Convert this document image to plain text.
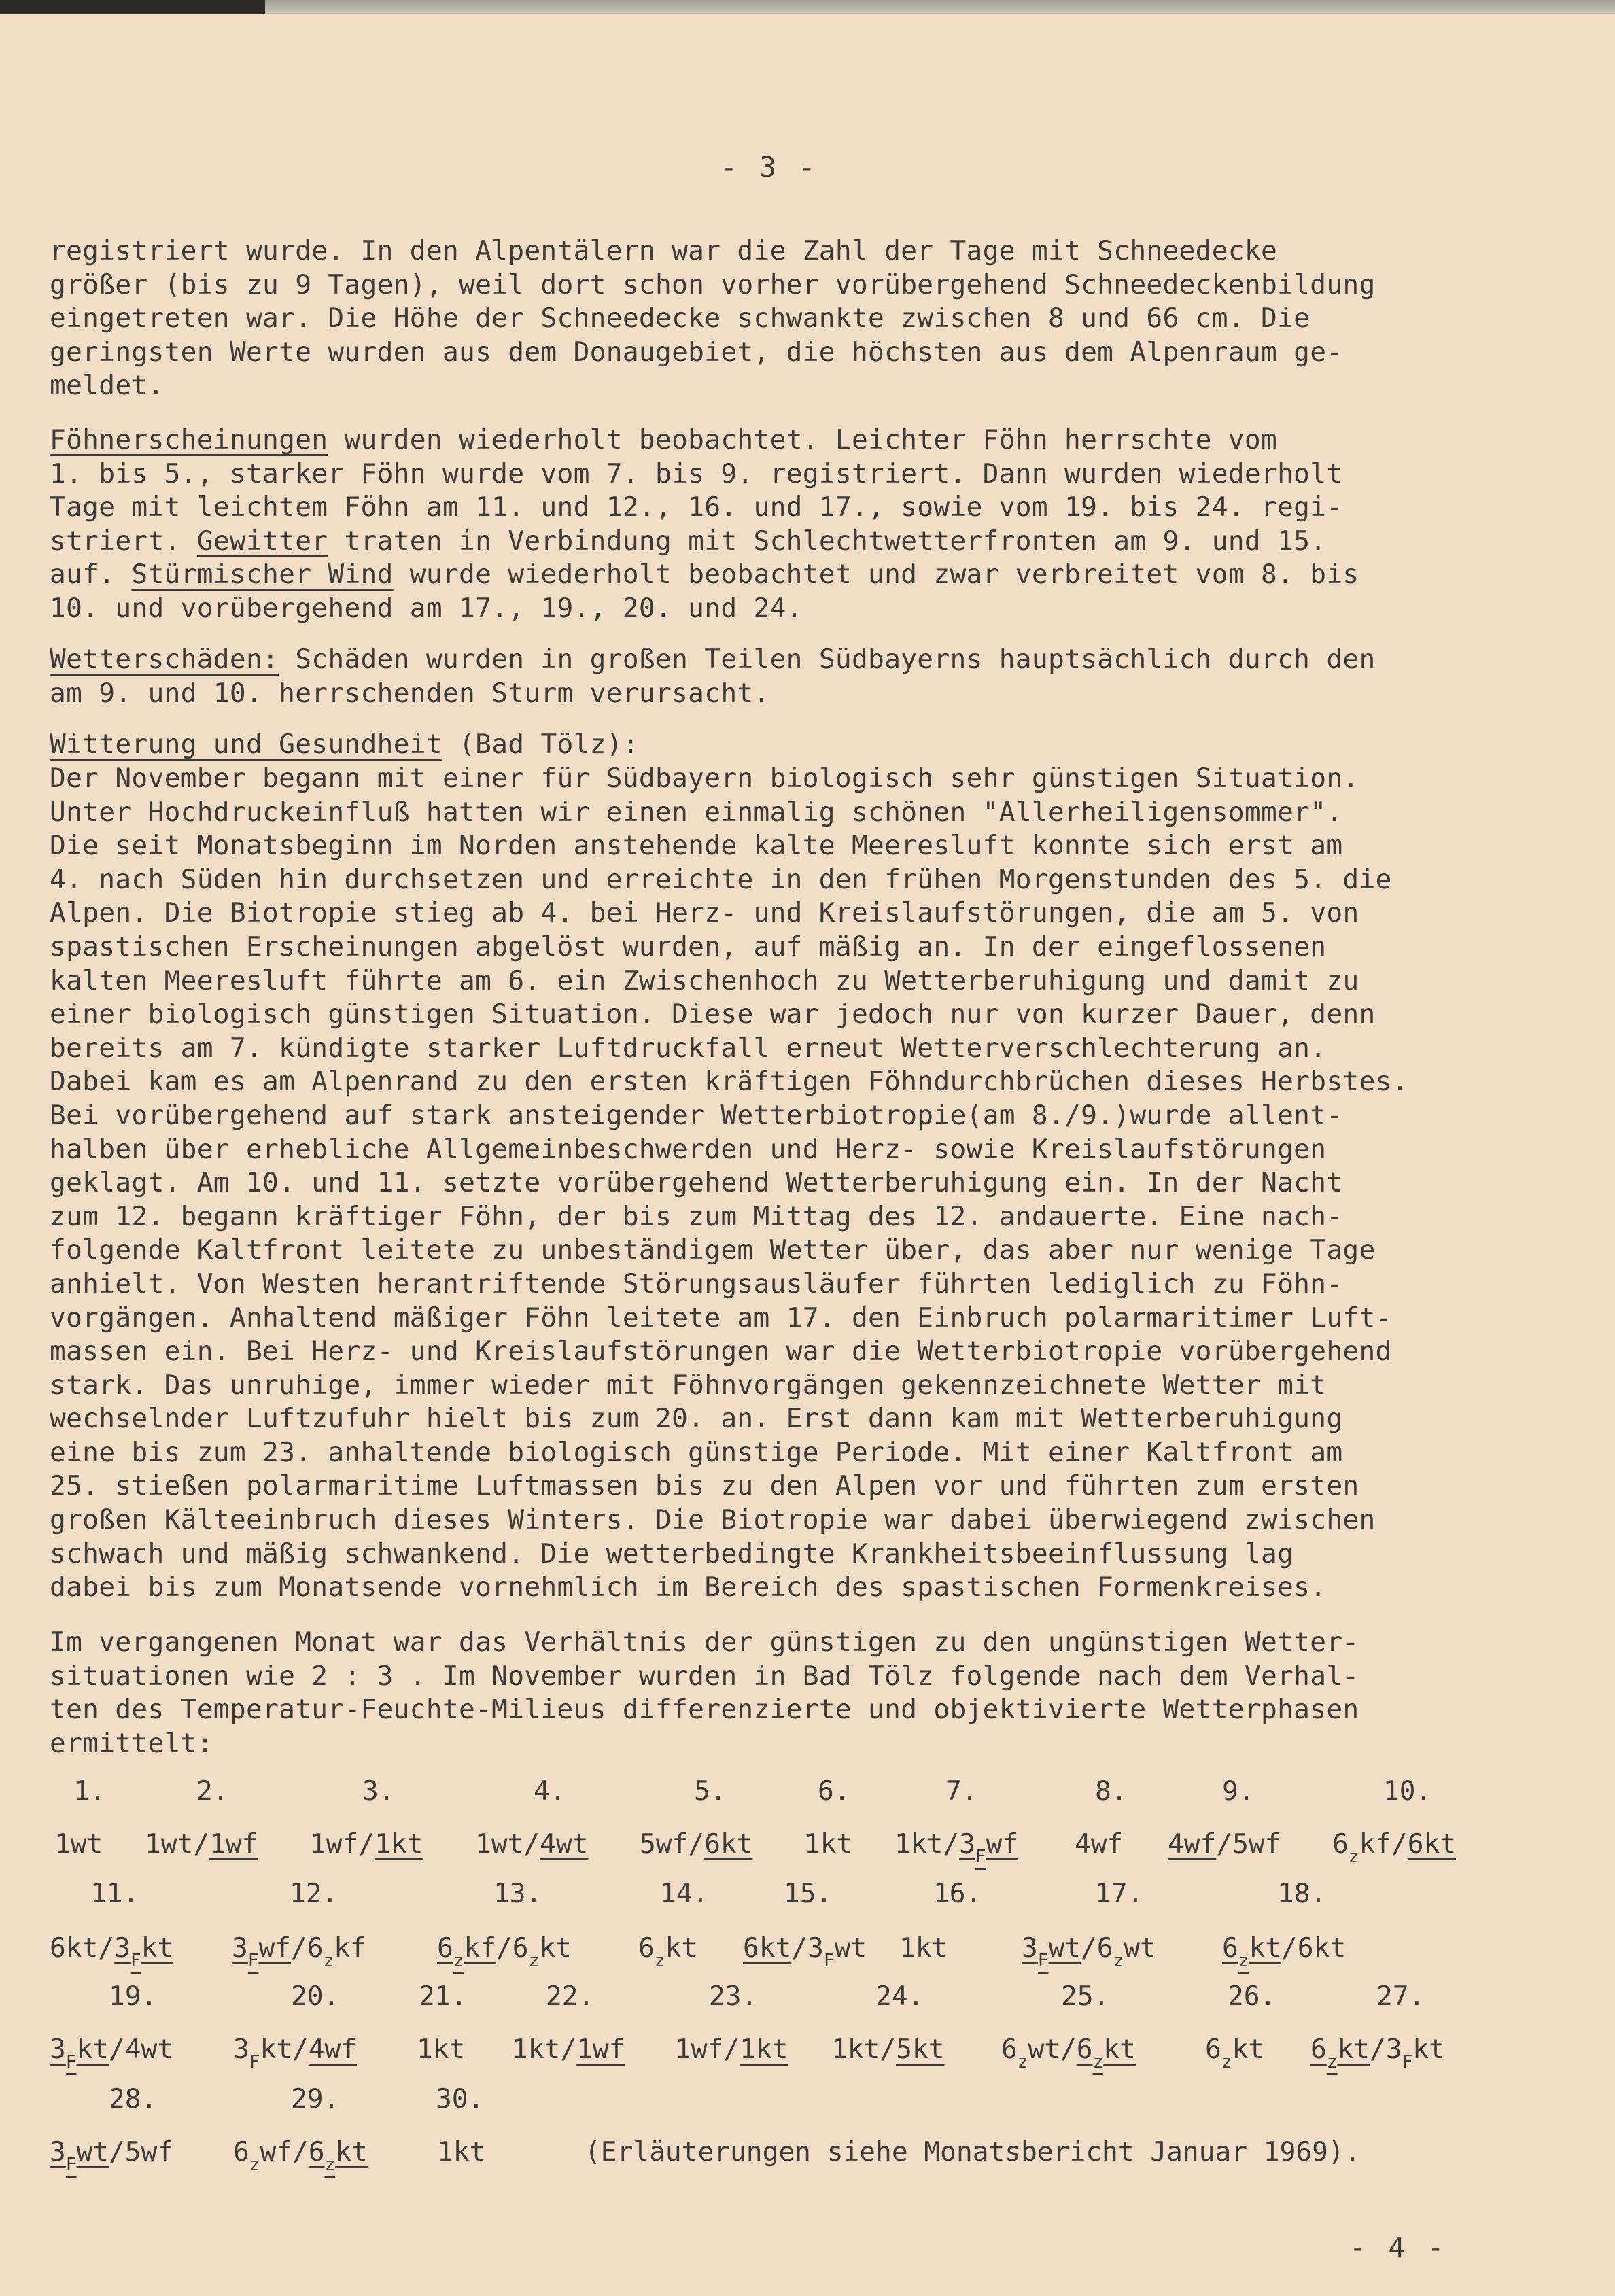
- 3 -
registriert wurde. In den Alpentälern war die Zahl der Tage mit Schneedecke
größer (bis zu 9 Tagen), weil dort schon vorher vorübergehend Schneedeckenbildung
eingetreten war. Die Höhe der Schneedecke schwankte zwischen 8 und 66 cm. Die
geringsten Werte wurden aus dem Donaugebiet, die höchsten aus dem Alpenraum ge-
meldet.
Föhnerscheinungen wurden wiederholt beobachtet. Leichter Föhn herrschte vom
1. bis 5., starker Föhn wurde vom 7. bis 9. registriert. Dann wurden wiederholt
Tage mit leichtem Föhn am 11. und 12., 16. und 17., sowie vom 19. bis 24. regi-
striert. Gewitter traten in Verbindung mit Schlechtwetterfronten am 9. und 15.
auf. Stürmischer Wind wurde wiederholt beobachtet und zwar verbreitet vom 8. bis
10. und vorübergehend am 17., 19., 20. und 24.
Wetterschäden: Schäden wurden in großen Teilen Südbayerns hauptsächlich durch den
am 9. und 10. herrschenden Sturm verursacht.
Witterung und Gesundheit (Bad Tölz):
Der November begann mit einer für Südbayern biologisch sehr günstigen Situation.
Unter Hochdruckeinfluß hatten wir einen einmalig schönen "Allerheiligensommer".
Die seit Monatsbeginn im Norden anstehende kalte Meeresluft konnte sich erst am
4. nach Süden hin durchsetzen und erreichte in den frühen Morgenstunden des 5. die
Alpen. Die Biotropie stieg ab 4. bei Herz- und Kreislaufstörungen, die am 5. von
spastischen Erscheinungen abgelöst wurden, auf mäßig an. In der eingeflossenen
kalten Meeresluft führte am 6. ein Zwischenhoch zu Wetterberuhigung und damit zu
einer biologisch günstigen Situation. Diese war jedoch nur von kurzer Dauer, denn
bereits am 7. kündigte starker Luftdruckfall erneut Wetterverschlechterung an.
Dabei kam es am Alpenrand zu den ersten kräftigen Föhndurchbrüchen dieses Herbstes.
Bei vorübergehend auf stark ansteigender Wetterbiotropie(am 8./9.)wurde allent-
halben über erhebliche Allgemeinbeschwerden und Herz- sowie Kreislaufstörungen
geklagt. Am 10. und 11. setzte vorübergehend Wetterberuhigung ein. In der Nacht
zum 12. begann kräftiger Föhn, der bis zum Mittag des 12. andauerte. Eine nach-
folgende Kaltfront leitete zu unbeständigem Wetter über, das aber nur wenige Tage
anhielt. Von Westen herantriftende Störungsausläufer führten lediglich zu Föhn-
vorgängen. Anhaltend mäßiger Föhn leitete am 17. den Einbruch polarmaritimer Luft-
massen ein. Bei Herz- und Kreislaufstörungen war die Wetterbiotropie vorübergehend
stark. Das unruhige, immer wieder mit Föhnvorgängen gekennzeichnete Wetter mit
wechselnder Luftzufuhr hielt bis zum 20. an. Erst dann kam mit Wetterberuhigung
eine bis zum 23. anhaltende biologisch günstige Periode. Mit einer Kaltfront am
25. stießen polarmaritime Luftmassen bis zu den Alpen vor und führten zum ersten
großen Kälteeinbruch dieses Winters. Die Biotropie war dabei überwiegend zwischen
schwach und mäßig schwankend. Die wetterbedingte Krankheitsbeeinflussung lag
dabei bis zum Monatsende vornehmlich im Bereich des spastischen Formenkreises.
Im vergangenen Monat war das Verhältnis der günstigen zu den ungünstigen Wetter-
situationen wie 2 : 3 . Im November wurden in Bad Tölz folgende nach dem Verhal-
ten des Temperatur-Feuchte-Milieus differenzierte und objektivierte Wetterphasen
ermittelt:
1.	2.	3.	4.	5.	6.	7.	8.	9.	10.
1wt 1wt/1wf 1wf/1kt 1wt/4wt 5wf/6kt 1kt $1kt/3_Fwf$ 4wf 4wf/5wf $6_zkf/6kt$
11.	12.	13.	14.	15.	16.	17.	18.
$6kt/3_Fkt$ $3_Fwf/6_zkf$	$6_zkf/6_zkt$ $6_zkt$ $6kt/3_Fwt$ 1kt	$3_Fwt/6_zwt$ $6_zkt/6kt$
19.	20.	21.	22.	23.	24.	25.	26.	27.
$3_Fkt/4wt$ $3_Fkt/4wf$ 1kt 1kt/1wf 1wf/1kt 1kt/5kt $6_zwt/6_zkt$	$6_zkt$ $6_zkt/3_Fkt$
28.	29.	30.
$3_Fwt/5wf$ $6_zwf/6_zkt$	1kt	(Erläuterungen siehe Monatsbericht Januar 1969).
- 4 -
